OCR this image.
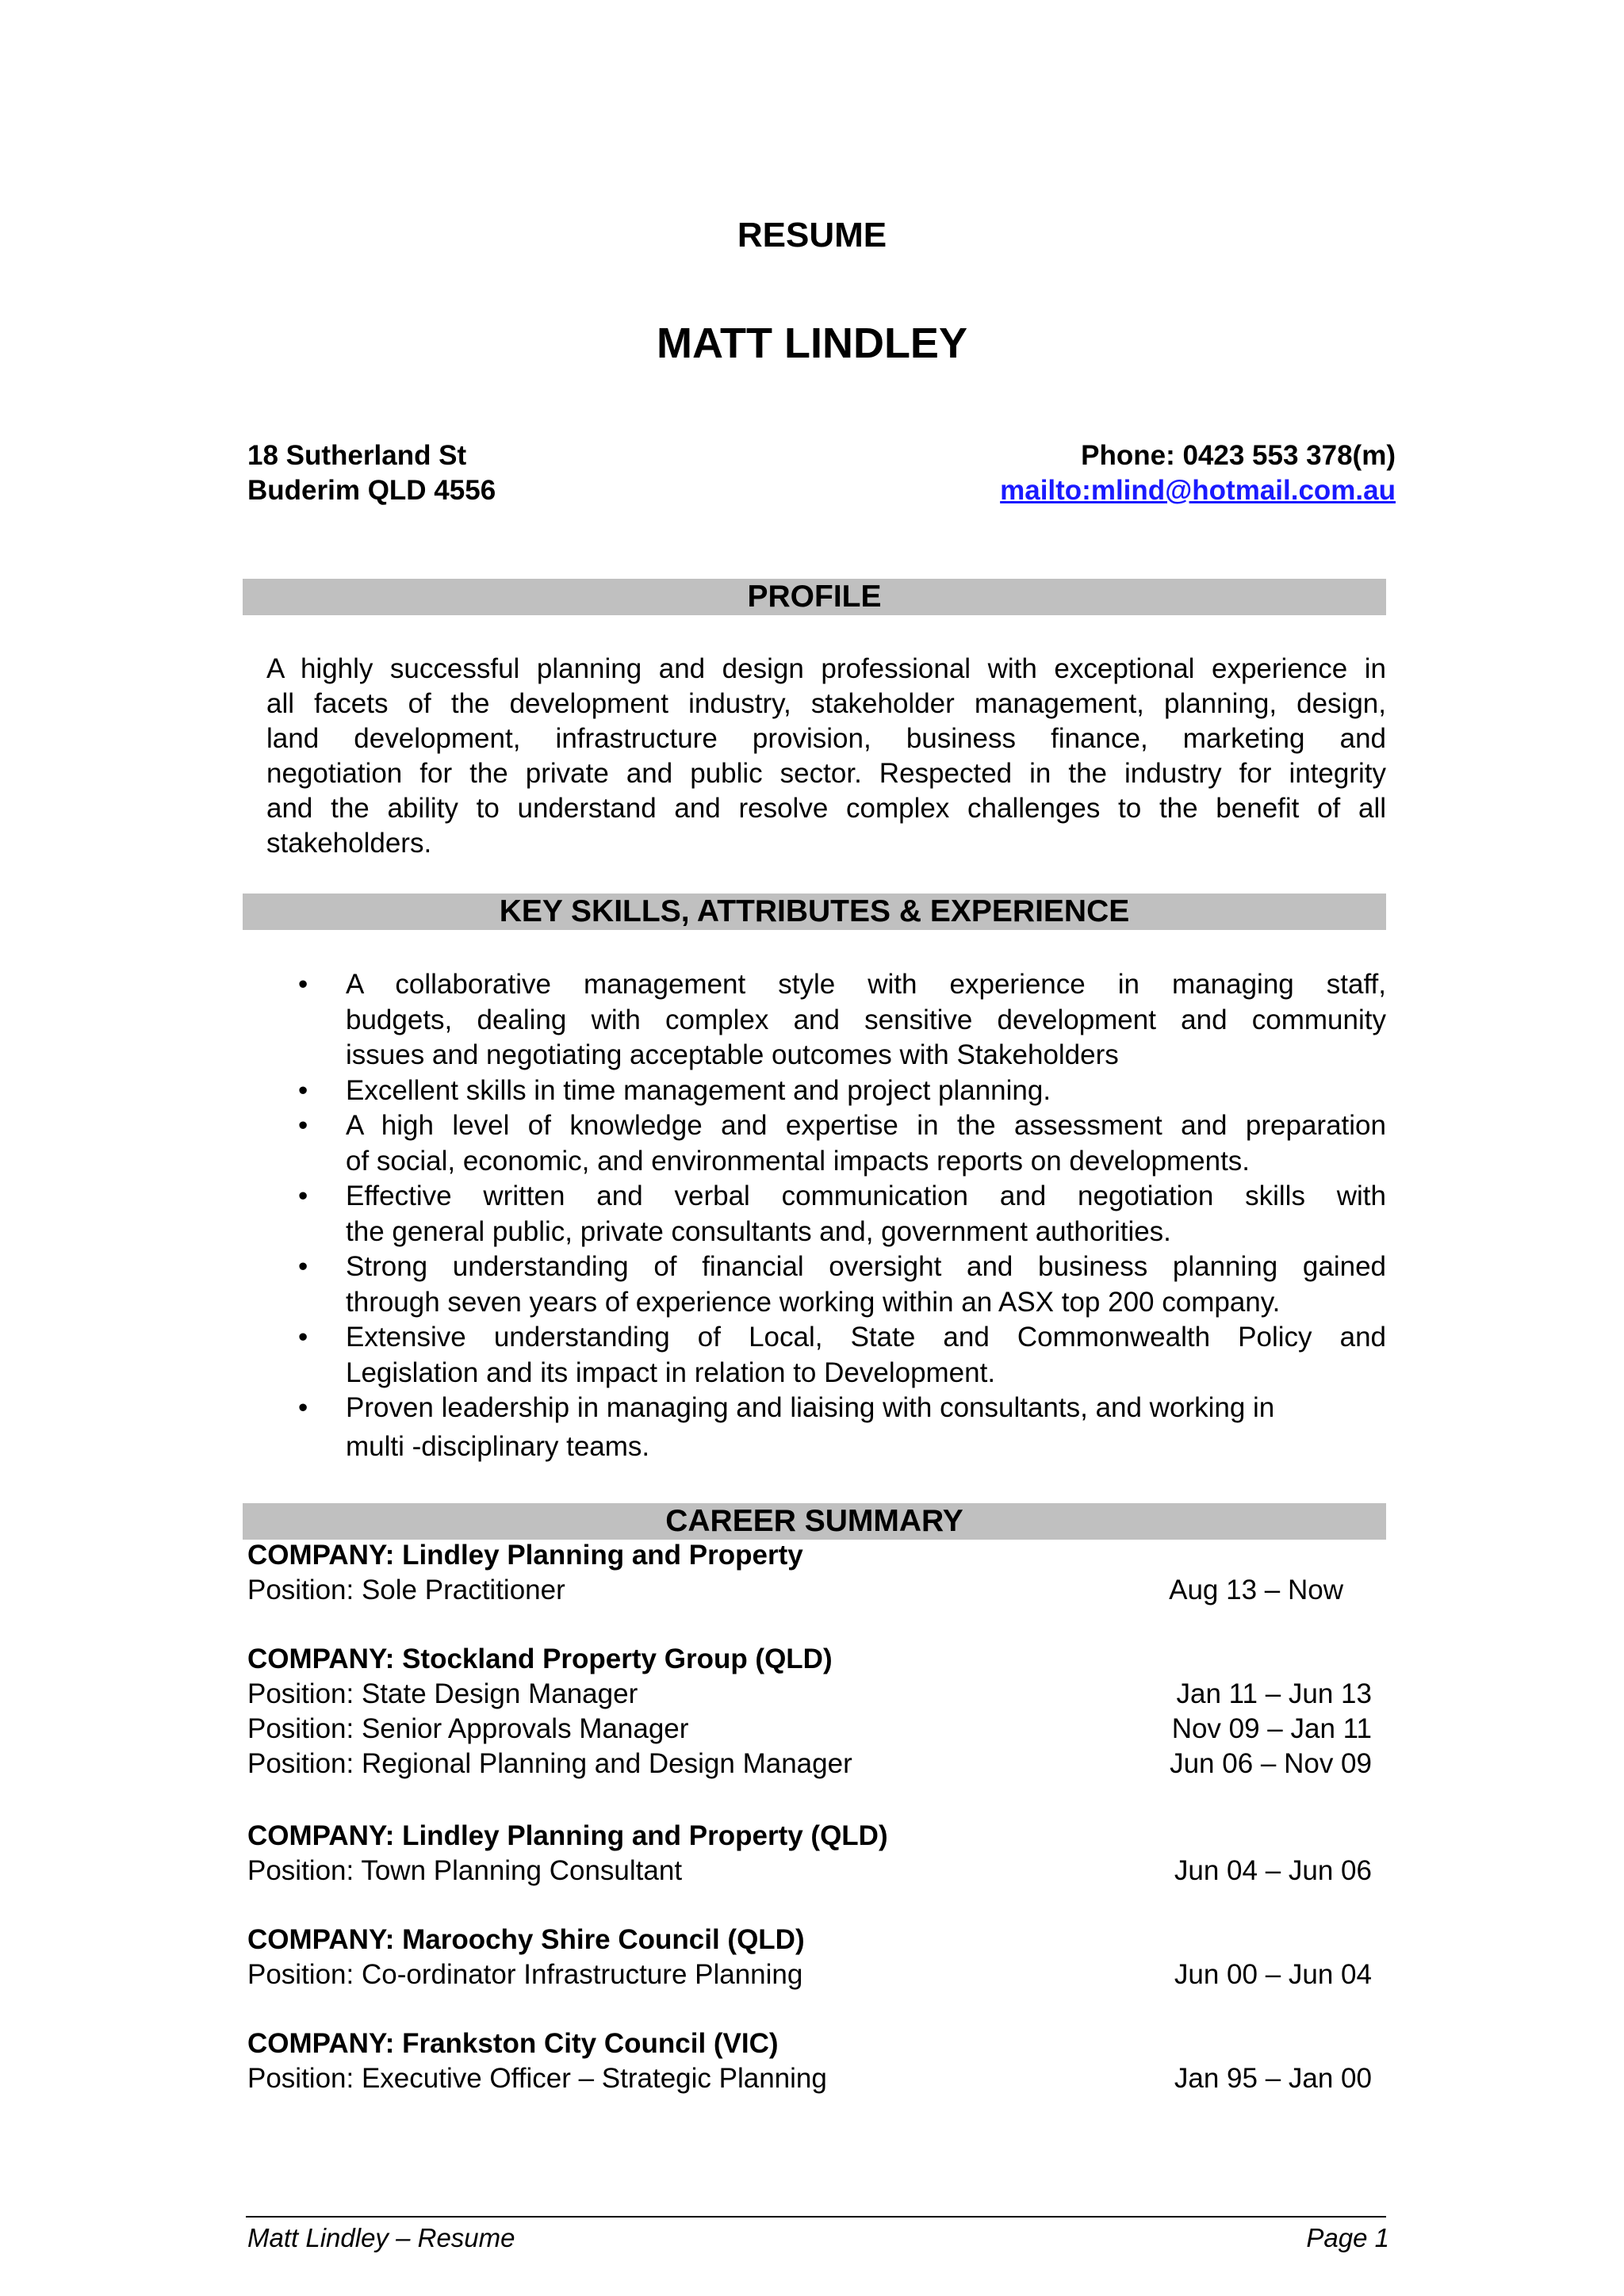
RESUME
MATT LINDLEY
18 Sutherland St
Buderim QLD 4556
Phone: 0423 553 378(m)
mailto:mlind@hotmail.com.au
PROFILE
A highly successful planning and design professional with exceptional experience in
all facets of the development industry, stakeholder management, planning, design,
land development, infrastructure provision, business finance, marketing and
negotiation for the private and public sector. Respected in the industry for integrity
and the ability to understand and resolve complex challenges to the benefit of all
stakeholders.
KEY SKILLS, ATTRIBUTES & EXPERIENCE
• A collaborative management style with experience in managing staff,
budgets, dealing with complex and sensitive development and community
issues and negotiating acceptable outcomes with Stakeholders
• Excellent skills in time management and project planning.
• A high level of knowledge and expertise in the assessment and preparation
of social, economic, and environmental impacts reports on developments.
• Effective written and verbal communication and negotiation skills with
the general public, private consultants and, government authorities.
• Strong understanding of financial oversight and business planning gained
through seven years of experience working within an ASX top 200 company.
• Extensive understanding of Local, State and Commonwealth Policy and
Legislation and its impact in relation to Development.
• Proven leadership in managing and liaising with consultants, and working in
multi -disciplinary teams.
CAREER SUMMARY
COMPANY: Lindley Planning and Property
Position: Sole Practitioner	Aug 13 – Now
COMPANY: Stockland Property Group (QLD)
Position: State Design Manager	Jan 11 – Jun 13
Position: Senior Approvals Manager	Nov 09 – Jan 11
Position: Regional Planning and Design Manager	Jun 06 – Nov 09
COMPANY: Lindley Planning and Property (QLD)
Position: Town Planning Consultant	Jun 04 – Jun 06
COMPANY: Maroochy Shire Council (QLD)
Position: Co-ordinator Infrastructure Planning	Jun 00 – Jun 04
COMPANY: Frankston City Council (VIC)
Position: Executive Officer – Strategic Planning	Jan 95 – Jan 00
Matt Lindley – Resume	Page 1
